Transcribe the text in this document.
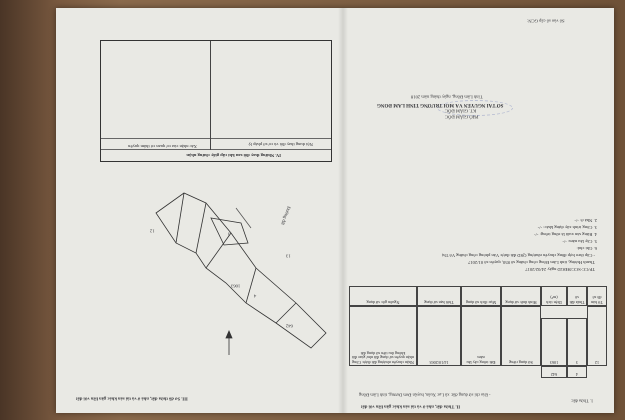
IV. Những thay đổi sau khi cấp giấy chứng nhận
Nội dung thay đổi và cơ sở pháp lý
Xác nhận của cơ quan có thẩm quyền
12
13
3
4
1063
642
Đường đất
III. Sơ đồ thửa đất, nhà ở và tài sản khác gắn liền với đất
Số vào sổ cấp GCN:
Tỉnh Lâm Đồng, ngày tháng năm 2018
SỞ TÀI NGUYÊN VÀ MÔI TRƯỜNG TỈNH LÂM ĐỒNG
KT. GIÁM ĐỐC
PHÓ GIÁM ĐỐC
2. Nhà ở: -/-
3. Công trình xây dựng khác: -/-
4. Rừng sản xuất là rừng trồng: -/-
5. Cây lâu năm: -/-
6. Ghi chú:
- Cấp theo hợp đồng chuyển nhượng QSD đất được Văn phòng công chứng Võ Thị
Thanh Hương, tỉnh Lâm Đồng công chứng số 850, quyển số 01/2017
TP/CC-SCC/HĐGD ngày 24/02/2017
Tờ bản đồ số
Thửa đất số
Diện tích (m²)
Hình thức sử dụng
Mục đích sử dụng
Thời hạn sử dụng
Nguồn gốc sử dụng
12
3
1063
Sử dụng riêng
Đất trồng cây lâu năm
14/10/2063
Nhận chuyển nhượng đất được Công nhận quyền sử dụng đất như giao đất không thu tiền sử dụng đất
4
642
- Địa chỉ sử dụng đất: xã Lạc Xuân, huyện Đơn Dương, tỉnh Lâm Đồng
1. Thửa đất:
II. Thửa đất, nhà ở và tài sản khác gắn liền với đất
